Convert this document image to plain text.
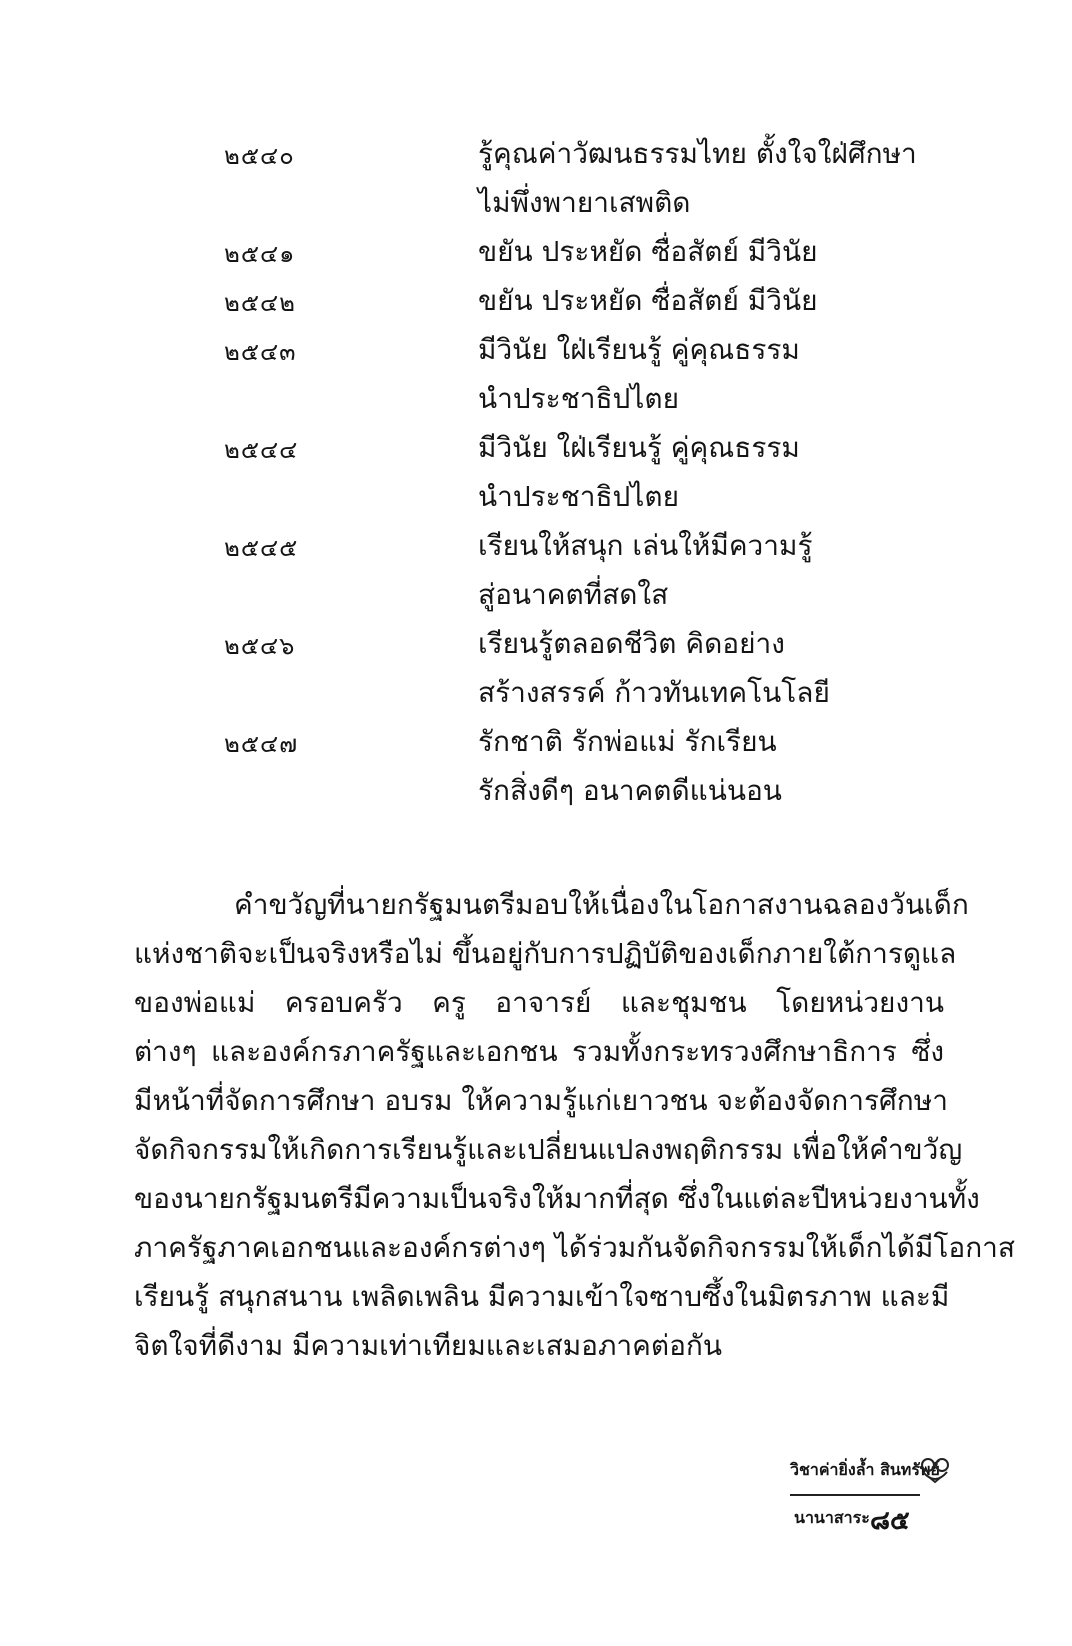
๒๕๔๐	รู้คุณค่าวัฒนธรรมไทย ตั้งใจใฝ่ศึกษา
ไม่พึ่งพายาเสพติด
๒๕๔๑	ขยัน ประหยัด ซื่อสัตย์ มีวินัย
๒๕๔๒	ขยัน ประหยัด ซื่อสัตย์ มีวินัย
๒๕๔๓	มีวินัย ใฝ่เรียนรู้ คู่คุณธรรม
นำประชาธิปไตย
๒๕๔๔	มีวินัย ใฝ่เรียนรู้ คู่คุณธรรม
นำประชาธิปไตย
๒๕๔๕	เรียนให้สนุก เล่นให้มีความรู้
สู่อนาคตที่สดใส
๒๕๔๖	เรียนรู้ตลอดชีวิต คิดอย่าง
สร้างสรรค์ ก้าวทันเทคโนโลยี
๒๕๔๗	รักชาติ รักพ่อแม่ รักเรียน
รักสิ่งดีๆ อนาคตดีแน่นอน
คำขวัญที่นายกรัฐมนตรีมอบให้เนื่องในโอกาสงานฉลองวันเด็ก
แห่งชาติจะเป็นจริงหรือไม่ ขึ้นอยู่กับการปฏิบัติของเด็กภายใต้การดูแล
ของพ่อแม่ ครอบครัว ครู อาจารย์ และชุมชน โดยหน่วยงาน
ต่างๆ และองค์กรภาครัฐและเอกชน รวมทั้งกระทรวงศึกษาธิการ ซึ่ง
มีหน้าที่จัดการศึกษา อบรม ให้ความรู้แก่เยาวชน จะต้องจัดการศึกษา
จัดกิจกรรมให้เกิดการเรียนรู้และเปลี่ยนแปลงพฤติกรรม เพื่อให้คำขวัญ
ของนายกรัฐมนตรีมีความเป็นจริงให้มากที่สุด ซึ่งในแต่ละปีหน่วยงานทั้ง
ภาครัฐภาคเอกชนและองค์กรต่างๆ ได้ร่วมกันจัดกิจกรรมให้เด็กได้มีโอกาส
เรียนรู้ สนุกสนาน เพลิดเพลิน มีความเข้าใจซาบซึ้งในมิตรภาพ และมี
จิตใจที่ดีงาม มีความเท่าเทียมและเสมอภาคต่อกัน
วิชาค่ายิ่งล้ำ สินทรัพย์
นานาสาระ ๘๕
